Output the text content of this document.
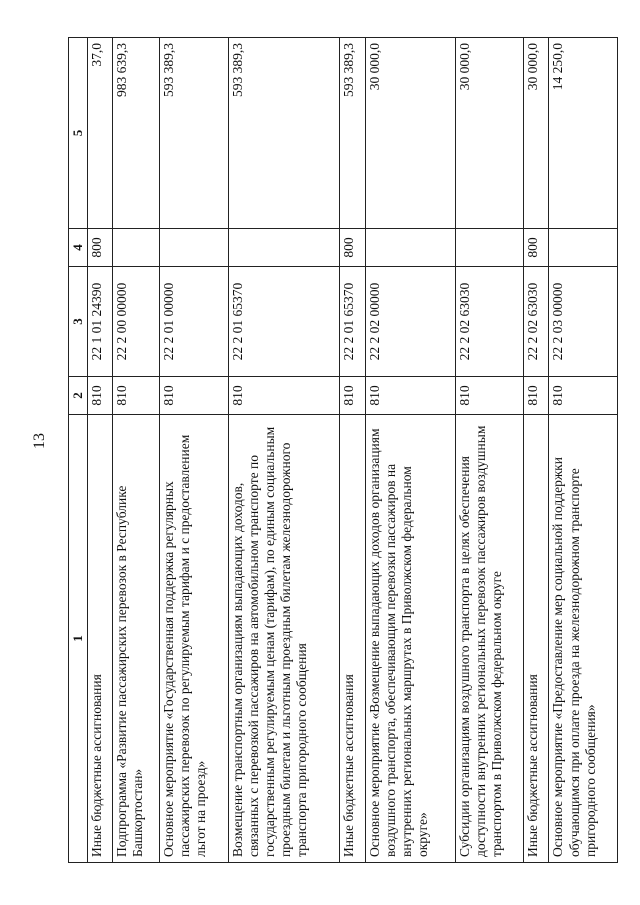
13
1	2	3	4	5
Иные бюджетные ассигнования	810	22 1 01 24390	800	37,0
Подпрограмма «Развитие пассажирских перевозок в Республике Башкортостан»	810	22 2 00 00000		983 639,3
Основное мероприятие «Государственная поддержка регулярных пассажирских перевозок по регулируемым тарифам и с предоставлением льгот на проезд»	810	22 2 01 00000		593 389,3
Возмещение транспортным организациям выпадающих доходов, связанных с перевозкой пассажиров на автомобильном транспорте по государственным регулируемым ценам (тарифам), по единым социальным проездным билетам и льготным проездным билетам железнодорожного транспорта пригородного сообщения	810	22 2 01 65370		593 389,3
Иные бюджетные ассигнования	810	22 2 01 65370	800	593 389,3
Основное мероприятие «Возмещение выпадающих доходов организациям воздушного транспорта, обеспечивающим перевозки пассажиров на внутренних региональных маршрутах в Приволжском федеральном округе»	810	22 2 02 00000		30 000,0
Субсидии организациям воздушного транспорта в целях обеспечения доступности внутренних региональных перевозок пассажиров воздушным транспортом в Приволжском федеральном округе	810	22 2 02 63030		30 000,0
Иные бюджетные ассигнования	810	22 2 02 63030	800	30 000,0
Основное мероприятие «Предоставление мер социальной поддержки обучающимся при оплате проезда на железнодорожном транспорте пригородного сообщения»	810	22 2 03 00000		14 250,0
